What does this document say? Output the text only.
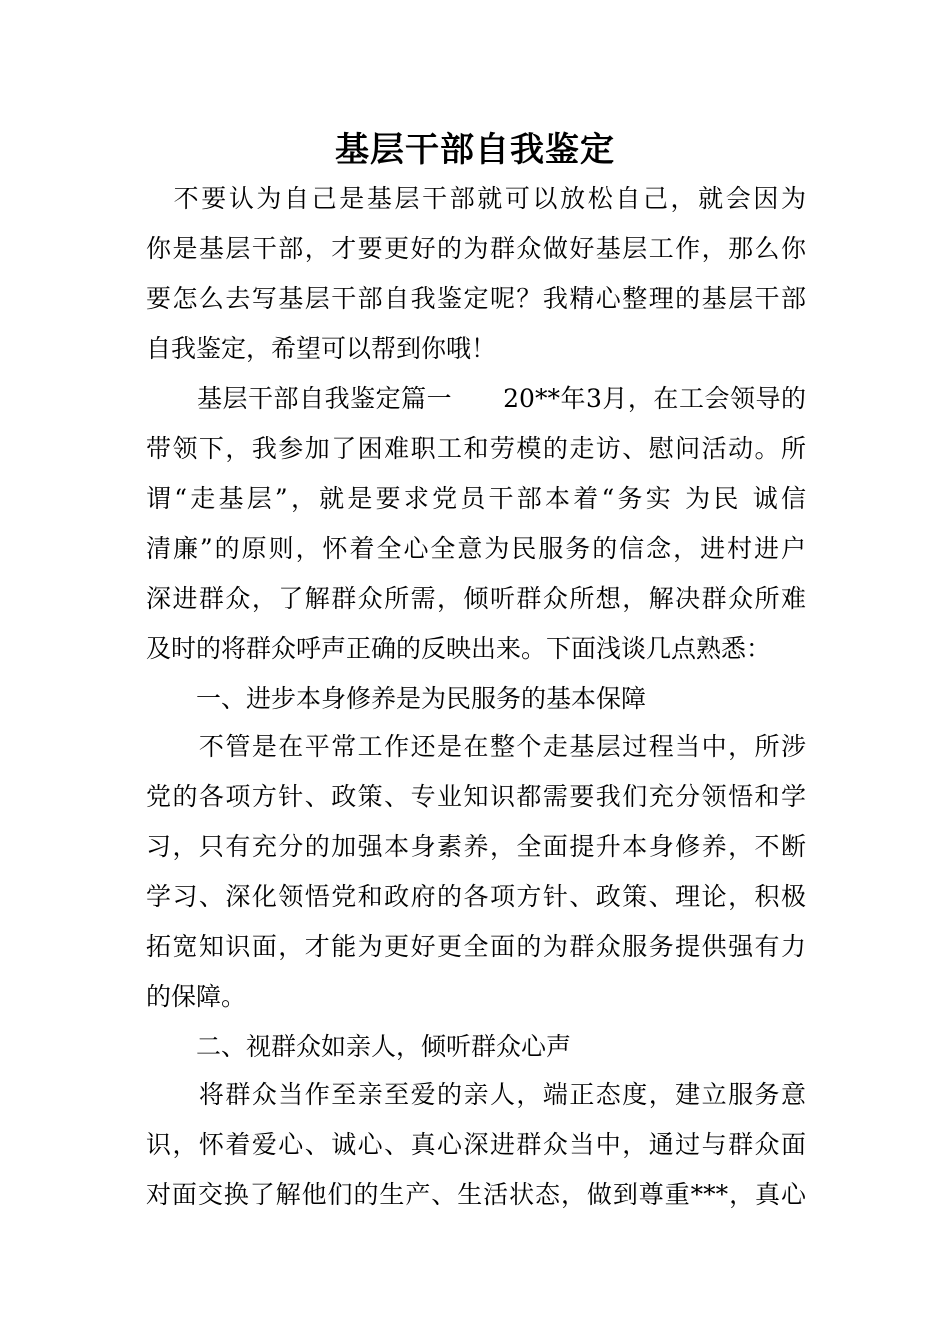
基层干部自我鉴定
　不要认为自己是基层干部就可以放松自己，就会因为
你是基层干部，才要更好的为群众做好基层工作，那么你
要怎么去写基层干部自我鉴定呢？我精心整理的基层干部
自我鉴定，希望可以帮到你哦！
　　基层干部自我鉴定篇一　　20**年3月，在工会领导的
带领下，我参加了困难职工和劳模的走访、慰问活动。所
谓“走基层”，就是要求党员干部本着“务实 为民 诚信
清廉”的原则，怀着全心全意为民服务的信念，进村进户
深进群众，了解群众所需，倾听群众所想，解决群众所难
及时的将群众呼声正确的反映出来。下面浅谈几点熟悉：
　　一、进步本身修养是为民服务的基本保障
　　不管是在平常工作还是在整个走基层过程当中，所涉
党的各项方针、政策、专业知识都需要我们充分领悟和学
习，只有充分的加强本身素养，全面提升本身修养，不断
学习、深化领悟党和政府的各项方针、政策、理论，积极
拓宽知识面，才能为更好更全面的为群众服务提供强有力
的保障。
　　二、视群众如亲人，倾听群众心声
　　将群众当作至亲至爱的亲人，端正态度，建立服务意
识，怀着爱心、诚心、真心深进群众当中，通过与群众面
对面交换了解他们的生产、生活状态，做到尊重***，真心
